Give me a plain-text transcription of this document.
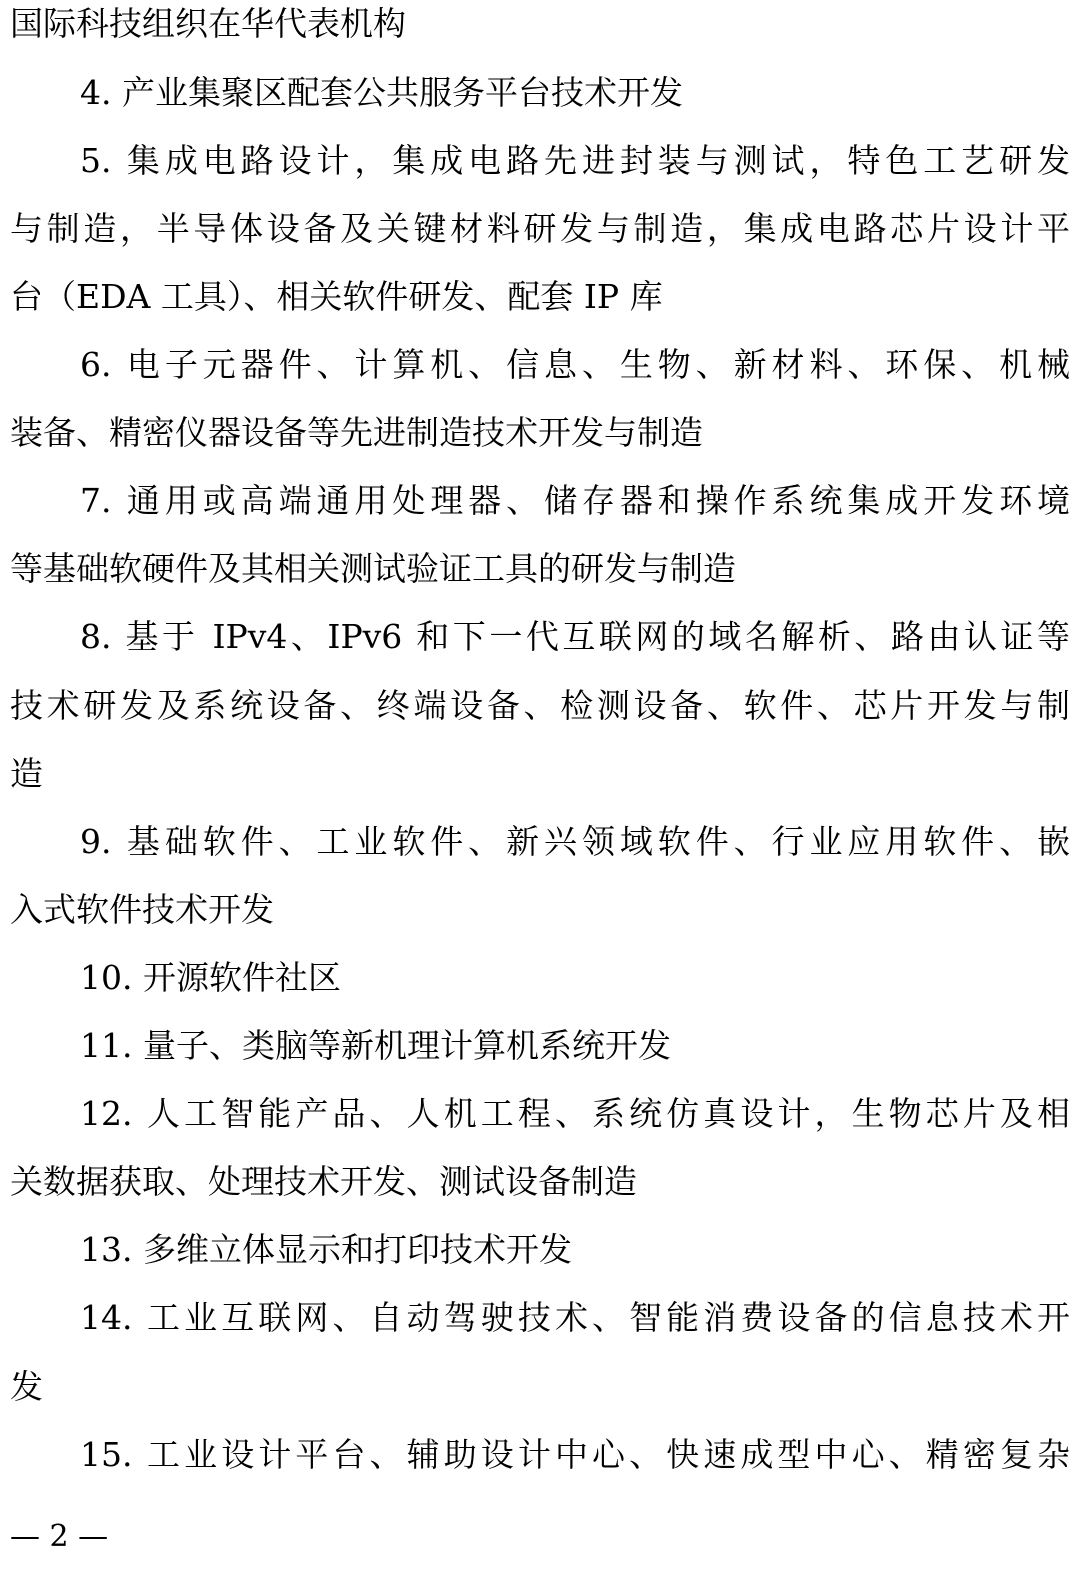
国际科技组织在华代表机构
4. 产业集聚区配套公共服务平台技术开发
5. 集成电路设计，集成电路先进封装与测试，特色工艺研发
与制造，半导体设备及关键材料研发与制造，集成电路芯片设计平
台（EDA 工具）、相关软件研发、配套 IP 库
6. 电子元器件、计算机、信息、生物、新材料、环保、机械
装备、精密仪器设备等先进制造技术开发与制造
7. 通用或高端通用处理器、储存器和操作系统集成开发环境
等基础软硬件及其相关测试验证工具的研发与制造
8. 基于 IPv4、IPv6 和下一代互联网的域名解析、路由认证等
技术研发及系统设备、终端设备、检测设备、软件、芯片开发与制
造
9. 基础软件、工业软件、新兴领域软件、行业应用软件、嵌
入式软件技术开发
10. 开源软件社区
11. 量子、类脑等新机理计算机系统开发
12. 人工智能产品、人机工程、系统仿真设计，生物芯片及相
关数据获取、处理技术开发、测试设备制造
13. 多维立体显示和打印技术开发
14. 工业互联网、自动驾驶技术、智能消费设备的信息技术开
发
15. 工业设计平台、辅助设计中心、快速成型中心、精密复杂
— 2 —
